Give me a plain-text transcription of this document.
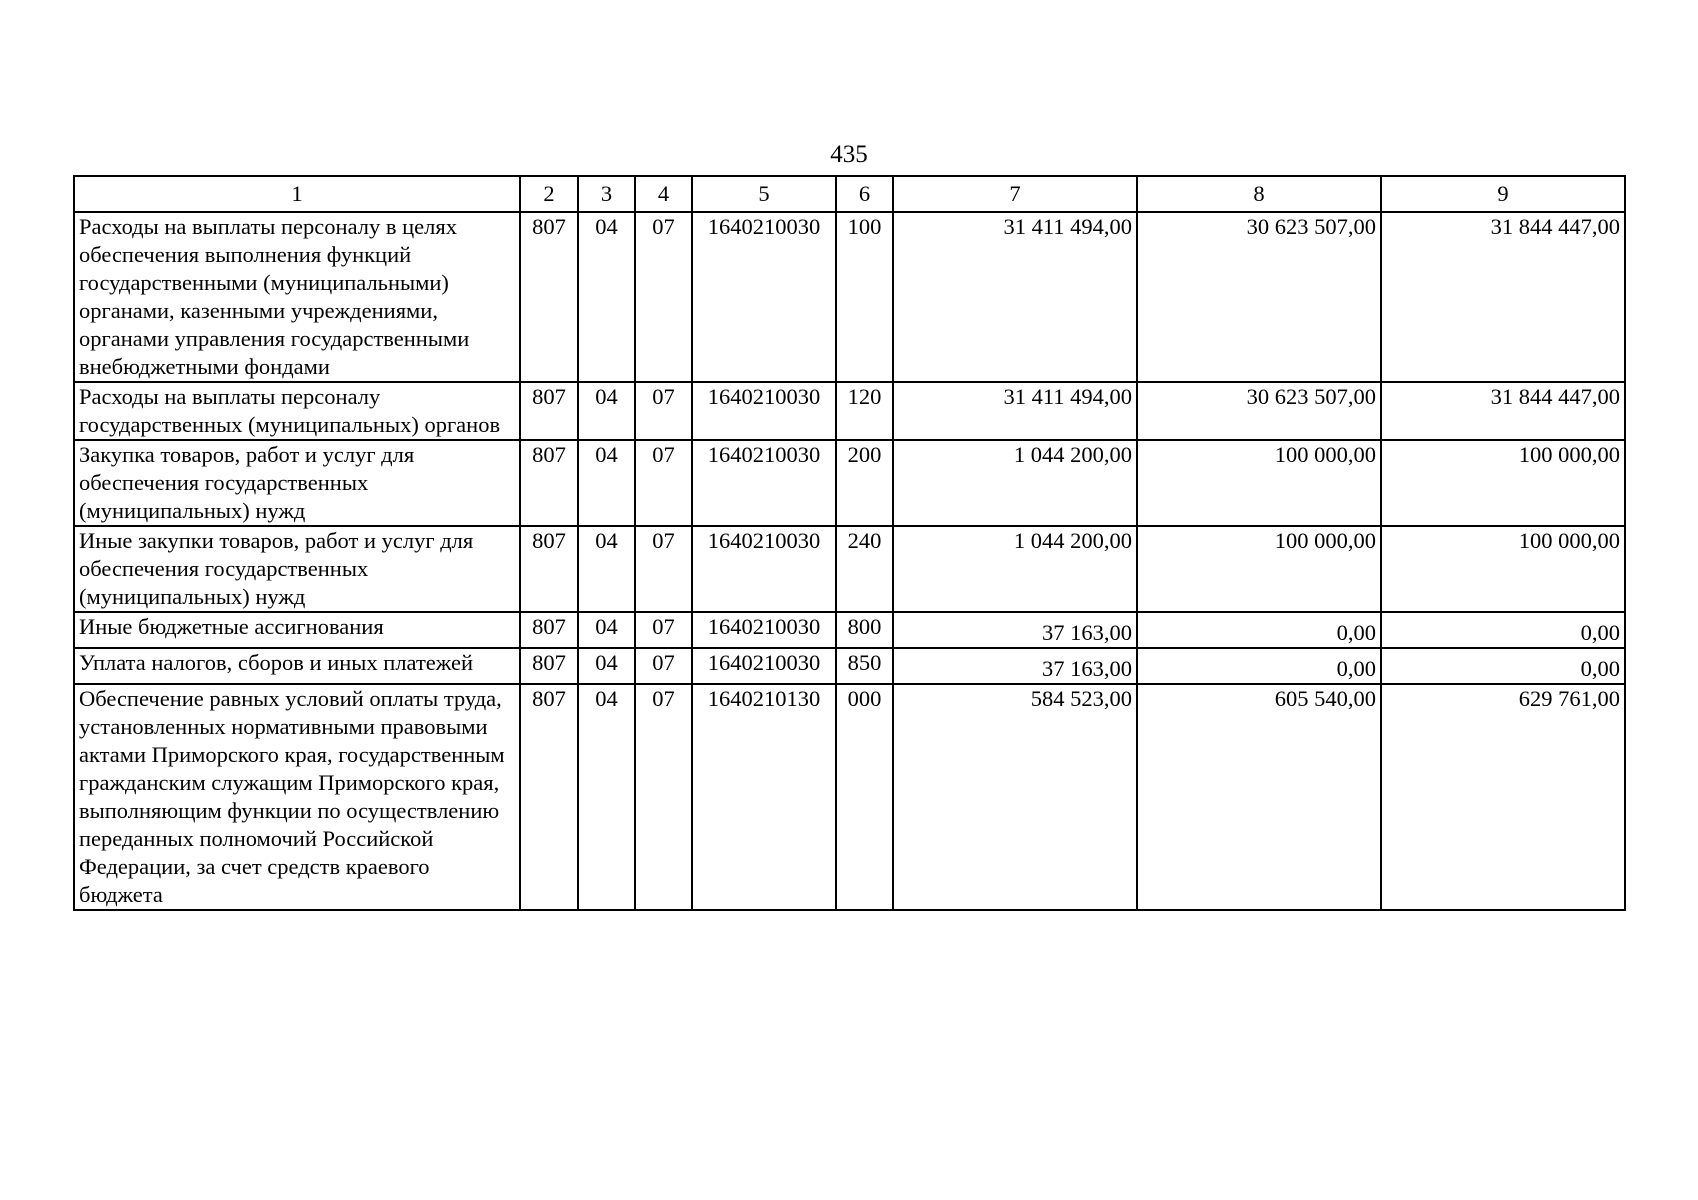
435
1	2	3	4	5	6	7	8	9
Расходы на выплаты персоналу в целях обеспечения выполнения функций государственными (муниципальными) органами, казенными учреждениями, органами управления государственными внебюджетными фондами	807	04	07	1640210030	100	31 411 494,00	30 623 507,00	31 844 447,00
Расходы на выплаты персоналу государственных (муниципальных) органов	807	04	07	1640210030	120	31 411 494,00	30 623 507,00	31 844 447,00
Закупка товаров, работ и услуг для обеспечения государственных (муниципальных) нужд	807	04	07	1640210030	200	1 044 200,00	100 000,00	100 000,00
Иные закупки товаров, работ и услуг для обеспечения государственных (муниципальных) нужд	807	04	07	1640210030	240	1 044 200,00	100 000,00	100 000,00
Иные бюджетные ассигнования	807	04	07	1640210030	800	37 163,00	0,00	0,00
Уплата налогов, сборов и иных платежей	807	04	07	1640210030	850	37 163,00	0,00	0,00
Обеспечение равных условий оплаты труда, установленных нормативными правовыми актами Приморского края, государственным гражданским служащим Приморского края, выполняющим функции по осуществлению переданных полномочий Российской Федерации, за счет средств краевого бюджета	807	04	07	1640210130	000	584 523,00	605 540,00	629 761,00
